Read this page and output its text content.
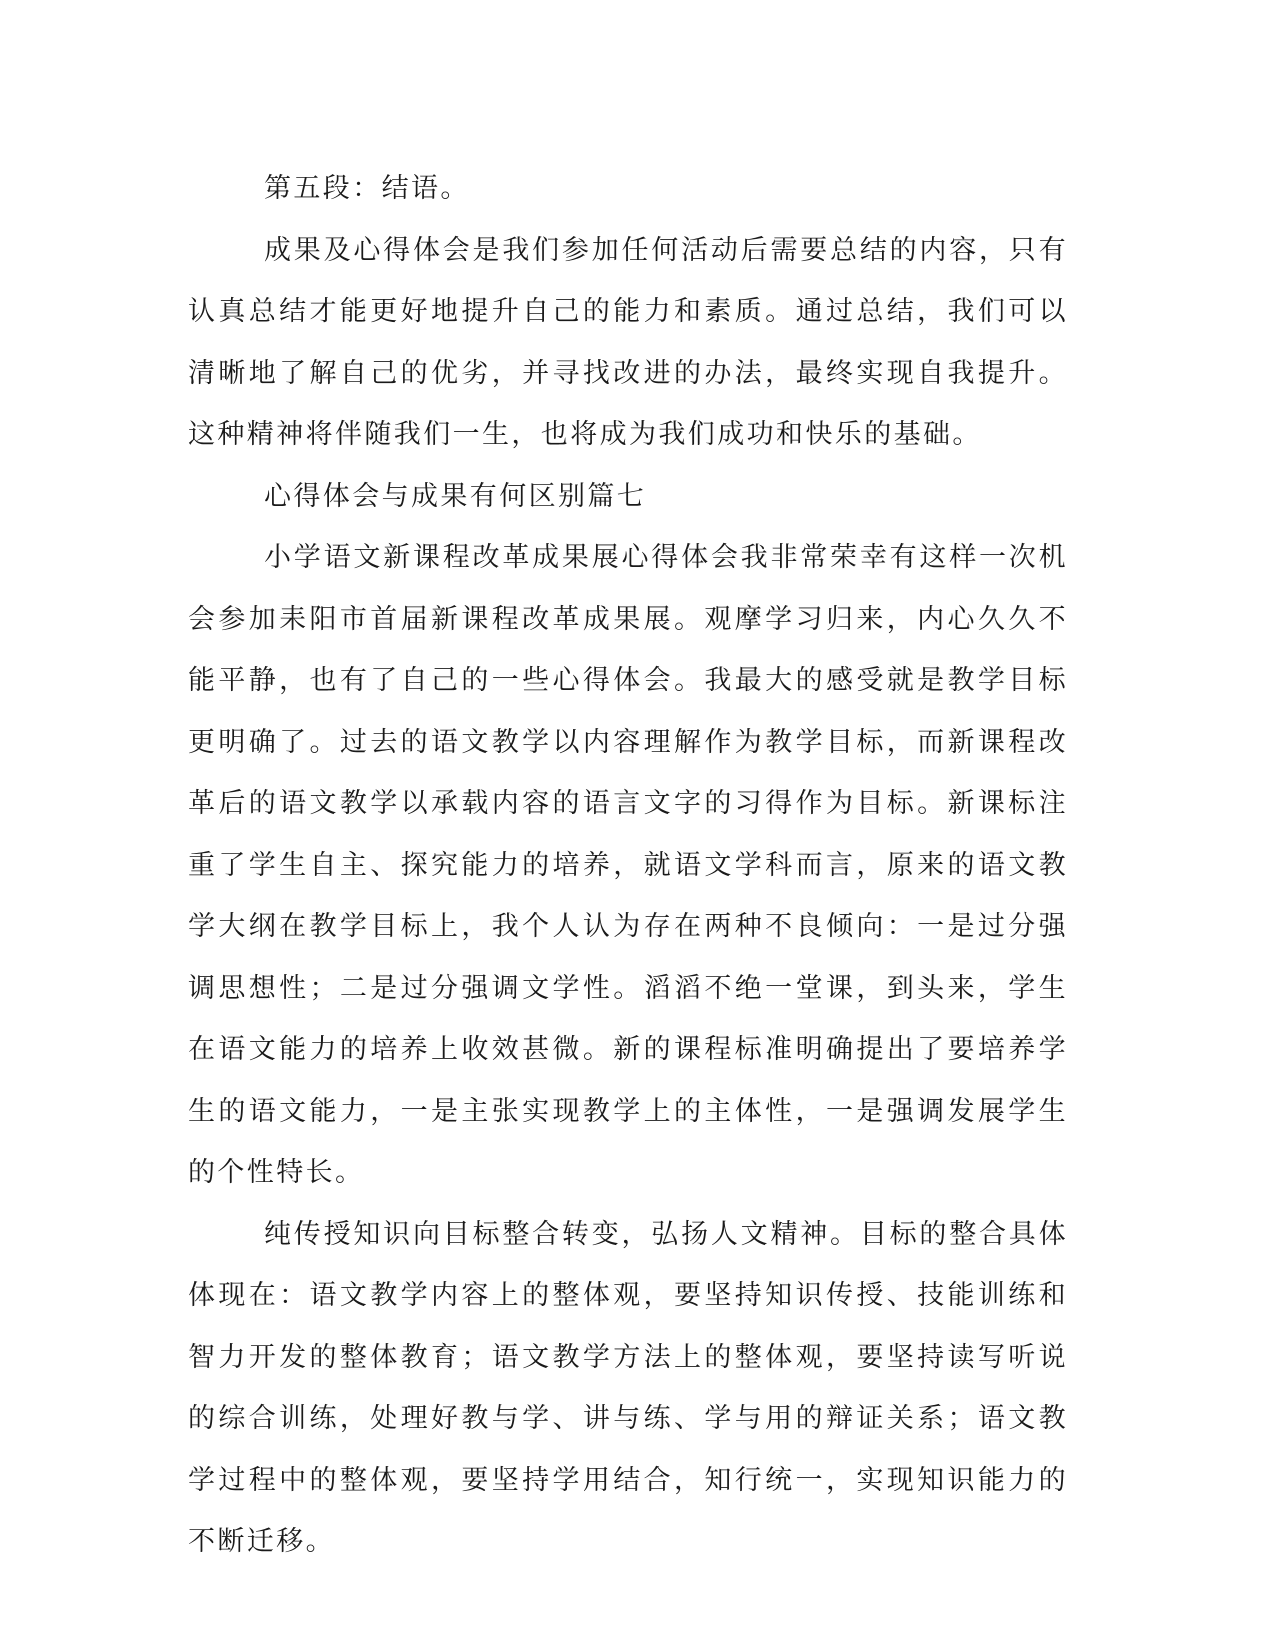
第五段：结语。

成果及心得体会是我们参加任何活动后需要总结的内容，只有认真总结才能更好地提升自己的能力和素质。通过总结，我们可以清晰地了解自己的优劣，并寻找改进的办法，最终实现自我提升。这种精神将伴随我们一生，也将成为我们成功和快乐的基础。

心得体会与成果有何区别篇七

小学语文新课程改革成果展心得体会我非常荣幸有这样一次机会参加耒阳市首届新课程改革成果展。观摩学习归来，内心久久不能平静，也有了自己的一些心得体会。我最大的感受就是教学目标更明确了。过去的语文教学以内容理解作为教学目标，而新课程改革后的语文教学以承载内容的语言文字的习得作为目标。新课标注重了学生自主、探究能力的培养，就语文学科而言，原来的语文教学大纲在教学目标上，我个人认为存在两种不良倾向：一是过分强调思想性；二是过分强调文学性。滔滔不绝一堂课，到头来，学生在语文能力的培养上收效甚微。新的课程标准明确提出了要培养学生的语文能力，一是主张实现教学上的主体性，一是强调发展学生的个性特长。

纯传授知识向目标整合转变，弘扬人文精神。目标的整合具体体现在：语文教学内容上的整体观，要坚持知识传授、技能训练和智力开发的整体教育；语文教学方法上的整体观，要坚持读写听说的综合训练，处理好教与学、讲与练、学与用的辩证关系；语文教学过程中的整体观，要坚持学用结合，知行统一，实现知识能力的不断迁移。
